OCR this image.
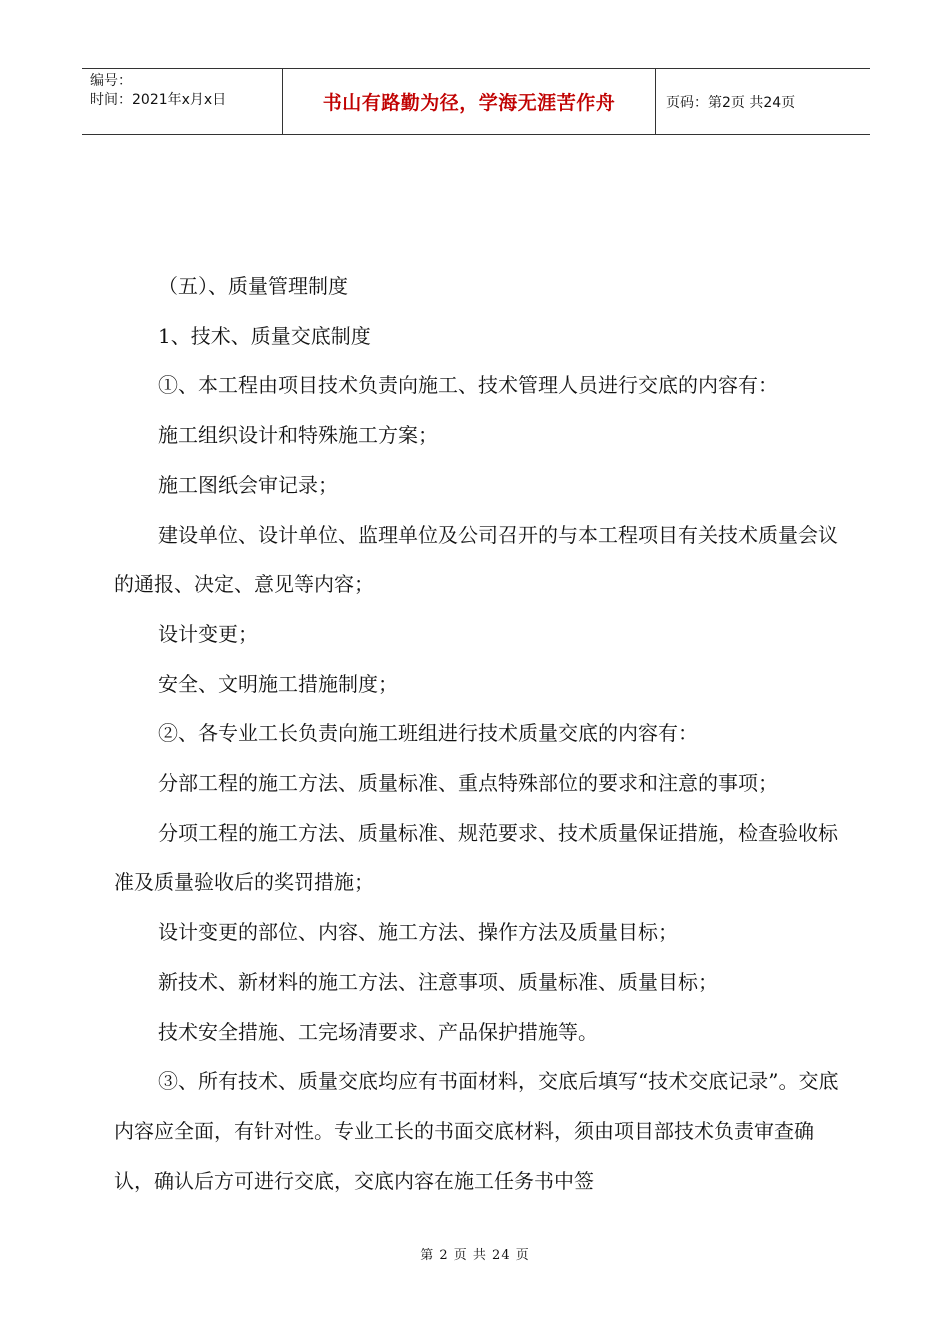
编号：
时间：2021年x月x日	书山有路勤为径，学海无涯苦作舟	页码：第2页 共24页

（五）、质量管理制度

1、技术、质量交底制度

①、本工程由项目技术负责向施工、技术管理人员进行交底的内容有：

施工组织设计和特殊施工方案；

施工图纸会审记录；

建设单位、设计单位、监理单位及公司召开的与本工程项目有关技术质量会议的通报、决定、意见等内容；

设计变更；

安全、文明施工措施制度；

②、各专业工长负责向施工班组进行技术质量交底的内容有：

分部工程的施工方法、质量标准、重点特殊部位的要求和注意的事项；

分项工程的施工方法、质量标准、规范要求、技术质量保证措施，检查验收标准及质量验收后的奖罚措施；

设计变更的部位、内容、施工方法、操作方法及质量目标；

新技术、新材料的施工方法、注意事项、质量标准、质量目标；

技术安全措施、工完场清要求、产品保护措施等。

③、所有技术、质量交底均应有书面材料，交底后填写“技术交底记录”。交底内容应全面，有针对性。专业工长的书面交底材料，须由项目部技术负责审查确认，确认后方可进行交底，交底内容在施工任务书中签

第 2 页 共 24 页
